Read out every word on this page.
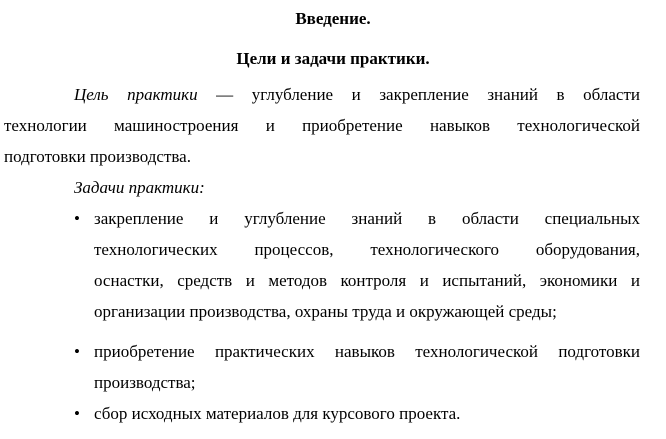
Введение.
Цели и задачи практики.
Цель практики — углубление и закрепление знаний в области
технологии машиностроения и приобретение навыков технологической
подготовки производства.
Задачи практики:
• закрепление и углубление знаний в области специальных
технологических процессов, технологического оборудования,
оснастки, средств и методов контроля и испытаний, экономики и
организации производства, охраны труда и окружающей среды;
• приобретение практических навыков технологической подготовки
производства;
• сбор исходных материалов для курсового проекта.
